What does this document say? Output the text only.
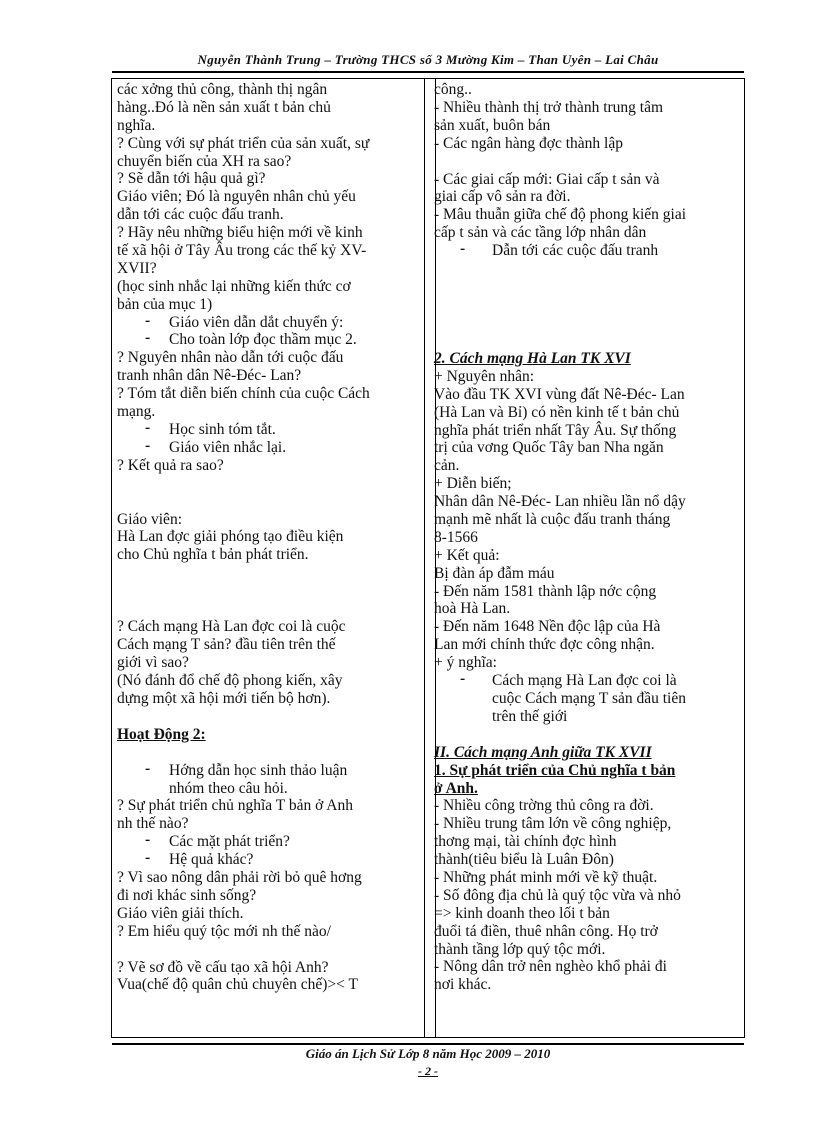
Nguyễn Thành Trung – Trường THCS số 3 Mường Kim – Than Uyên – Lai Châu
các xởng thủ công, thành thị ngân
hàng..Đó là nền sản xuất t bản chủ
nghĩa.
? Cùng với sự phát triển của sản xuất, sự
chuyển biến của XH ra sao?
? Sẽ dẫn tới hậu quả gì?
Giáo viên; Đó là nguyên nhân chủ yếu
dẫn tới các cuộc đấu tranh.
? Hãy nêu những biểu hiện mới về kinh
tế xã hội ở Tây Âu trong các thế kỷ XV-
XVII?
(học sinh nhắc lại những kiến thức cơ
bản của mục 1)
- Giáo viên dẫn dắt chuyển ý:
- Cho toàn lớp đọc thầm mục 2.
? Nguyên nhân nào dẫn tới cuộc đấu
tranh nhân dân Nê-Đéc- Lan?
? Tóm tắt diễn biến chính của cuộc Cách
mạng.
- Học sinh tóm tắt.
- Giáo viên nhắc lại.
? Kết quả ra sao?
Giáo viên:
Hà Lan đợc giải phóng tạo điều kiện
cho Chủ nghĩa t bản phát triển.
? Cách mạng Hà Lan đợc coi là cuộc
Cách mạng T sản? đầu tiên trên thế
giới vì sao?
(Nó đánh đổ chế độ phong kiến, xây
dựng một xã hội mới tiến bộ hơn).
Hoạt Động 2:
- Hớng dẫn học sinh thảo luận
nhóm theo câu hỏi.
? Sự phát triển chủ nghĩa T bản ở Anh
nh thế nào?
- Các mặt phát triển?
- Hệ quả khác?
? Vì sao nông dân phải rời bỏ quê hơng
đi nơi khác sinh sống?
Giáo viên giải thích.
? Em hiểu quý tộc mới nh thế nào/
? Vẽ sơ đồ về cấu tạo xã hội Anh?
Vua(chế độ quân chủ chuyên chế)>< T
công..
- Nhiều thành thị trở thành trung tâm
sản xuất, buôn bán
- Các ngân hàng đợc thành lập
- Các giai cấp mới: Giai cấp t sản và
giai cấp vô sản ra đời.
- Mâu thuẫn giữa chế độ phong kiến giai
cấp t sản và các tầng lớp nhân dân
- Dẫn tới các cuộc đấu tranh
2. Cách mạng Hà Lan TK XVI
+ Nguyên nhân:
Vào đầu TK XVI vùng đất Nê-Đéc- Lan
(Hà Lan và Bỉ) có nền kinh tế t bản chủ
nghĩa phát triển nhất Tây Âu. Sự thống
trị của vơng Quốc Tây ban Nha ngăn
cản.
+ Diễn biến;
Nhân dân Nê-Đéc- Lan nhiều lần nổ dậy
mạnh mẽ nhất là cuộc đấu tranh tháng
8-1566
+ Kết quả:
Bị đàn áp đẫm máu
- Đến năm 1581 thành lập nớc cộng
hoà Hà Lan.
- Đến năm 1648 Nền độc lập của Hà
Lan mới chính thức đợc công nhận.
+ ý nghĩa:
- Cách mạng Hà Lan đợc coi là
cuộc Cách mạng T sản đầu tiên
trên thế giới
II. Cách mạng Anh giữa TK XVII
1. Sự phát triển của Chủ nghĩa t bản
ở Anh.
- Nhiều công trờng thủ công ra đời.
- Nhiều trung tâm lớn về công nghiệp,
thơng mại, tài chính đợc hình
thành(tiêu biểu là Luân Đôn)
- Những phát minh mới về kỹ thuật.
- Số đông địa chủ là quý tộc vừa và nhỏ
=> kinh doanh theo lối t bản
đuổi tá điền, thuê nhân công. Họ trở
thành tầng lớp quý tộc mới.
- Nông dân trở nên nghèo khổ phải đi
nơi khác.
Giáo án Lịch Sử Lớp 8 năm Học 2009 – 2010
- 2 -
